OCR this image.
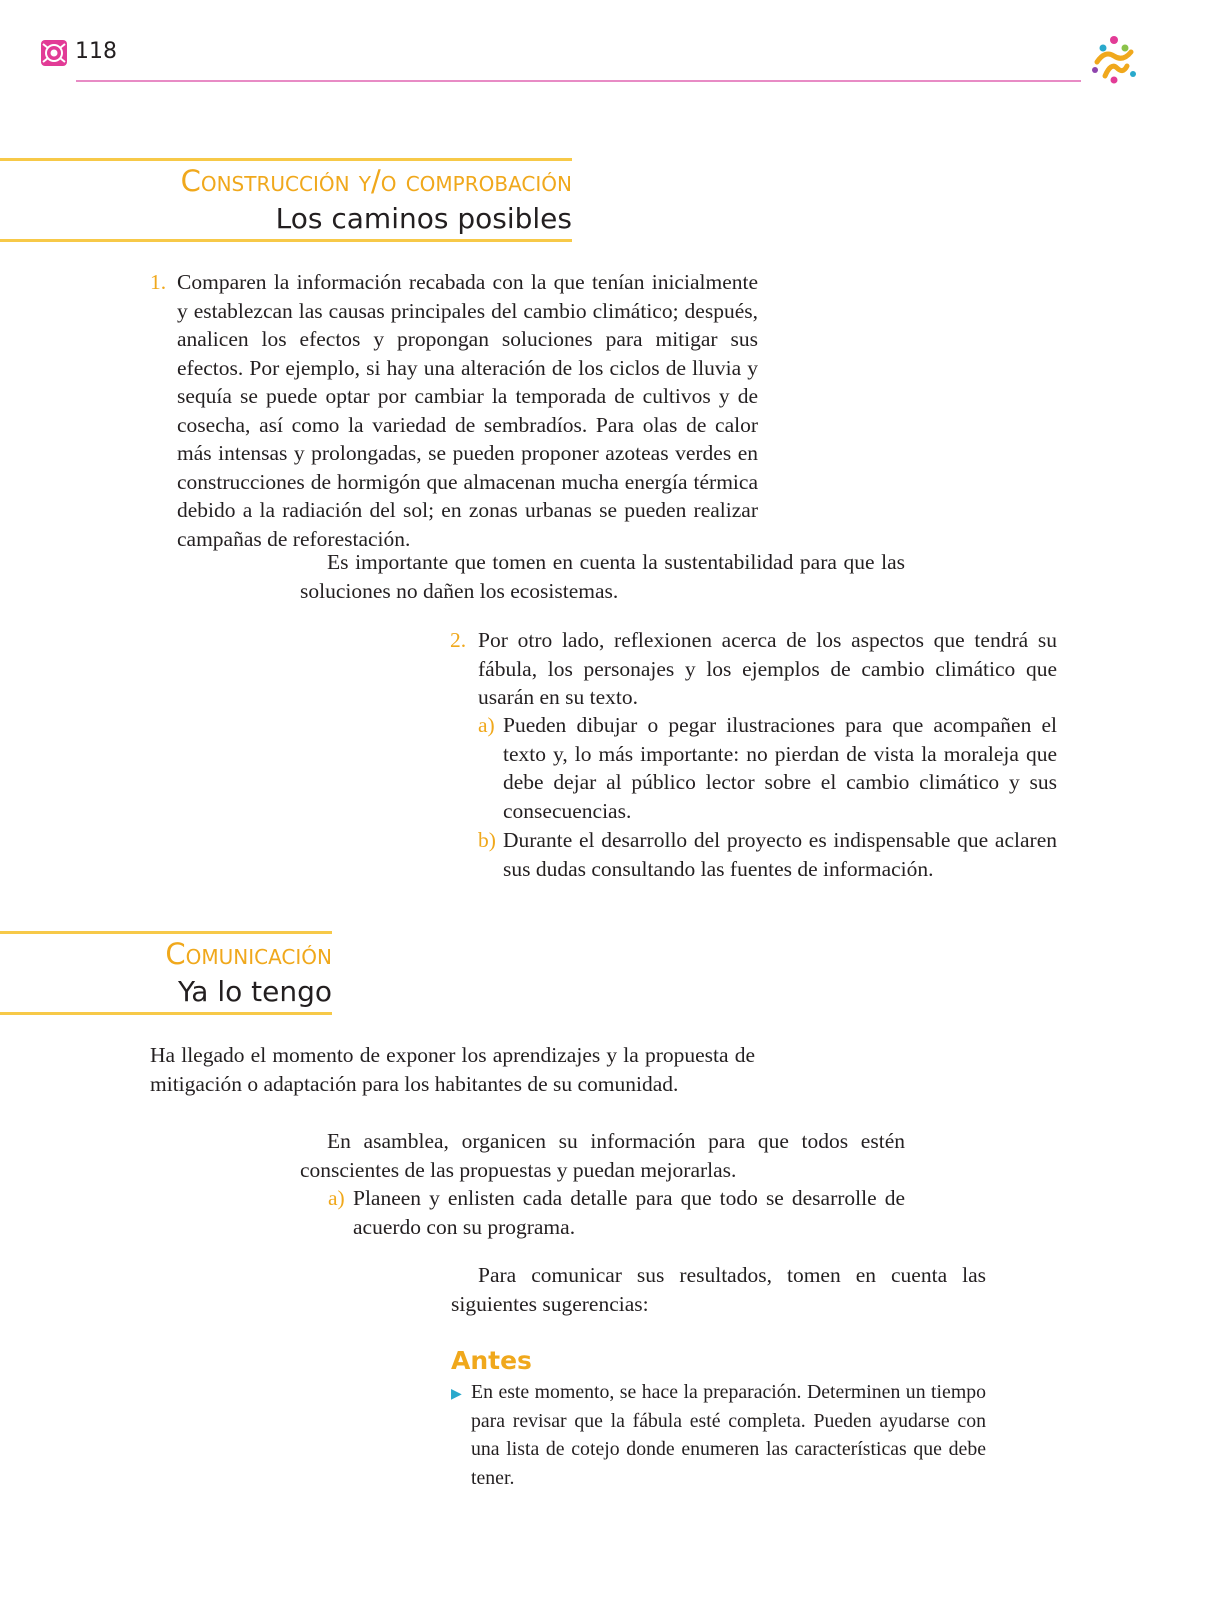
118
Construcción y/o comprobación
Los caminos posibles
1. Comparen la información recabada con la que tenían inicialmente y establezcan las causas principales del cambio climático; después, analicen los efectos y propongan soluciones para mitigar sus efectos. Por ejemplo, si hay una alteración de los ciclos de lluvia y sequía se puede optar por cambiar la temporada de cultivos y de cosecha, así como la variedad de sembradíos. Para olas de calor más intensas y prolongadas, se pueden proponer azoteas verdes en construcciones de hormigón que almacenan mucha energía térmica debido a la radiación del sol; en zonas urbanas se pueden realizar campañas de reforestación.
Es importante que tomen en cuenta la sustentabilidad para que las soluciones no dañen los ecosistemas.
2. Por otro lado, reflexionen acerca de los aspectos que tendrá su fábula, los personajes y los ejemplos de cambio climático que usarán en su texto.
a) Pueden dibujar o pegar ilustraciones para que acompañen el texto y, lo más importante: no pierdan de vista la moraleja que debe dejar al público lector sobre el cambio climático y sus consecuencias.
b) Durante el desarrollo del proyecto es indispensable que aclaren sus dudas consultando las fuentes de información.
Comunicación
Ya lo tengo
Ha llegado el momento de exponer los aprendizajes y la propuesta de mitigación o adaptación para los habitantes de su comunidad.
En asamblea, organicen su información para que todos estén conscientes de las propuestas y puedan mejorarlas.
a) Planeen y enlisten cada detalle para que todo se desarrolle de acuerdo con su programa.
Para comunicar sus resultados, tomen en cuenta las siguientes sugerencias:
Antes
▶ En este momento, se hace la preparación. Determinen un tiempo para revisar que la fábula esté completa. Pueden ayudarse con una lista de cotejo donde enumeren las características que debe tener.
